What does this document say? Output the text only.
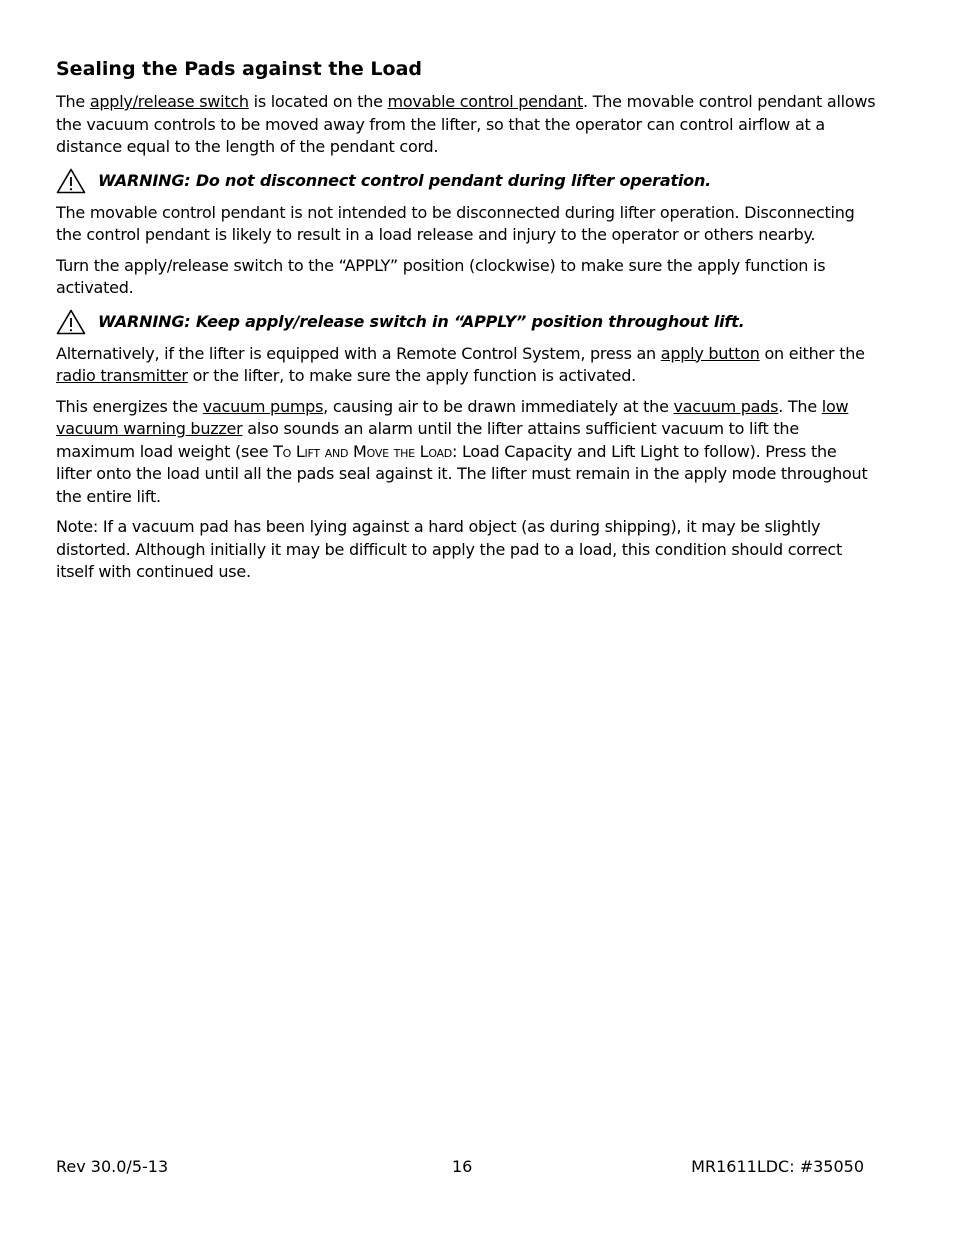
Sealing the Pads against the Load

The apply/release switch is located on the movable control pendant. The movable control pendant allows the vacuum controls to be moved away from the lifter, so that the operator can control airflow at a distance equal to the length of the pendant cord.

WARNING: Do not disconnect control pendant during lifter operation.

The movable control pendant is not intended to be disconnected during lifter operation. Disconnecting the control pendant is likely to result in a load release and injury to the operator or others nearby.

Turn the apply/release switch to the “APPLY” position (clockwise) to make sure the apply function is activated.

WARNING: Keep apply/release switch in “APPLY” position throughout lift.

Alternatively, if the lifter is equipped with a Remote Control System, press an apply button on either the radio transmitter or the lifter, to make sure the apply function is activated.

This energizes the vacuum pumps, causing air to be drawn immediately at the vacuum pads. The low vacuum warning buzzer also sounds an alarm until the lifter attains sufficient vacuum to lift the maximum load weight (see To Lift and Move the Load: Load Capacity and Lift Light to follow). Press the lifter onto the load until all the pads seal against it. The lifter must remain in the apply mode throughout the entire lift.

Note: If a vacuum pad has been lying against a hard object (as during shipping), it may be slightly distorted. Although initially it may be difficult to apply the pad to a load, this condition should correct itself with continued use.

Rev 30.0/5-13	16	MR1611LDC: #35050
